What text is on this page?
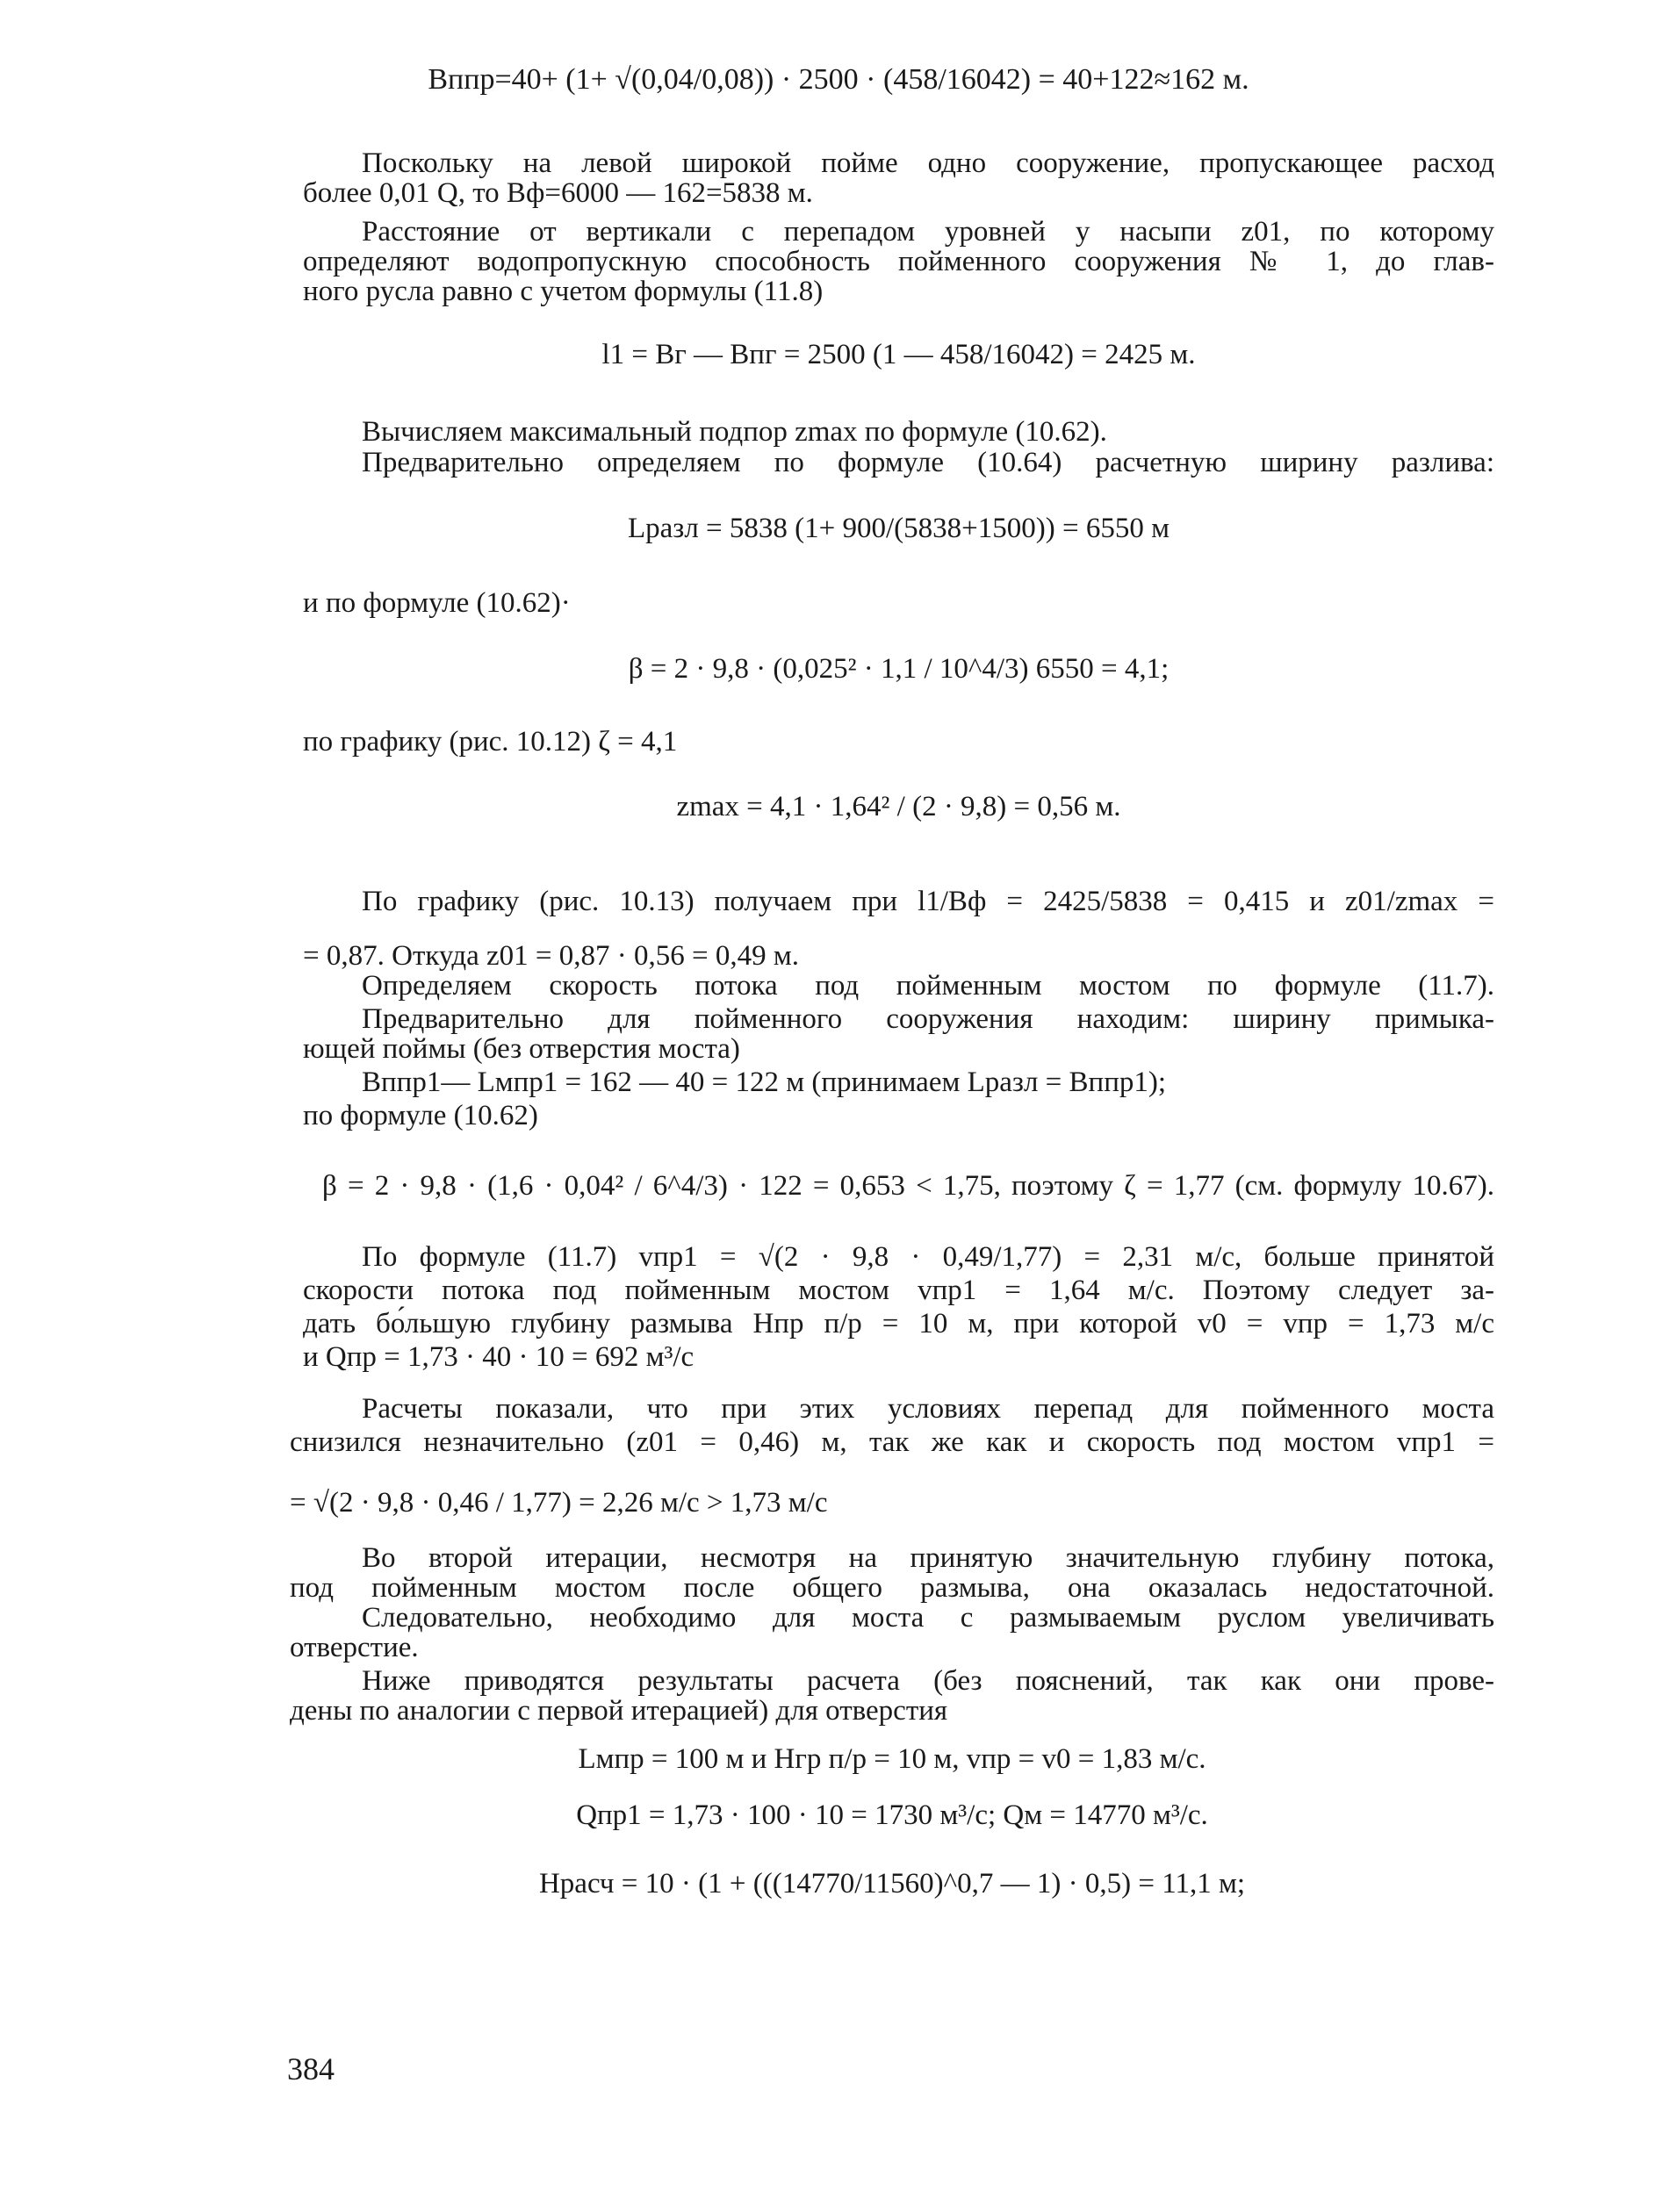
Bппр=40+ (1+ √(0,04/0,08)) · 2500 · (458/16042) = 40+122≈162 м.
Поскольку на левой широкой пойме одно сооружение, пропускающее расход
более 0,01 Q, то Bф=6000 — 162=5838 м.
Расстояние от вертикали с перепадом уровней у насыпи z01, по которому
определяют водопропускную способность пойменного сооружения № 1, до глав-
ного русла равно с учетом формулы (11.8)
l1 = Bг — Bпг = 2500 (1 — 458/16042) = 2425 м.
Вычисляем максимальный подпор zmax по формуле (10.62).
Предварительно определяем по формуле (10.64) расчетную ширину разлива:
Lразл = 5838 (1+ 900/(5838+1500)) = 6550 м
и по формуле (10.62)·
β = 2 · 9,8 · (0,025² · 1,1 / 10^4/3) 6550 = 4,1;
по графику (рис. 10.12) ζ = 4,1
zmax = 4,1 · 1,64² / (2 · 9,8) = 0,56 м.
По графику (рис. 10.13) получаем при l1/Bф = 2425/5838 = 0,415 и z01/zmax =
= 0,87. Откуда z01 = 0,87 · 0,56 = 0,49 м.
Определяем скорость потока под пойменным мостом по формуле (11.7).
Предварительно для пойменного сооружения находим: ширину примыка-
ющей поймы (без отверстия моста)
Bппр1— Lмпр1 = 162 — 40 = 122 м (принимаем Lразл = Bппр1);
по формуле (10.62)
β = 2 · 9,8 · (1,6 · 0,04² / 6^4/3) · 122 = 0,653 < 1,75, поэтому ζ = 1,77 (см. формулу 10.67).
По формуле (11.7) vпр1 = √(2 · 9,8 · 0,49/1,77) = 2,31 м/с, больше принятой
скорости потока под пойменным мостом vпр1 = 1,64 м/с. Поэтому следует за-
дать бо́льшую глубину размыва Hпр п/р = 10 м, при которой v0 = vпр = 1,73 м/с
и Qпр = 1,73 · 40 · 10 = 692 м³/с
Расчеты показали, что при этих условиях перепад для пойменного моста
снизился незначительно (z01 = 0,46) м, так же как и скорость под мостом vпр1 =
= √(2 · 9,8 · 0,46 / 1,77) = 2,26 м/с > 1,73 м/с
Во второй итерации, несмотря на принятую значительную глубину потока,
под пойменным мостом после общего размыва, она оказалась недостаточной.
Следовательно, необходимо для моста с размываемым руслом увеличивать
отверстие.
Ниже приводятся результаты расчета (без пояснений, так как они прове-
дены по аналогии с первой итерацией) для отверстия
Lмпр = 100 м и Hгр п/р = 10 м, vпр = v0 = 1,83 м/с.
Qпр1 = 1,73 · 100 · 10 = 1730 м³/с; Qм = 14770 м³/с.
Hрасч = 10 · (1 + (((14770/11560)^0,7 — 1) · 0,5) = 11,1 м;
384
